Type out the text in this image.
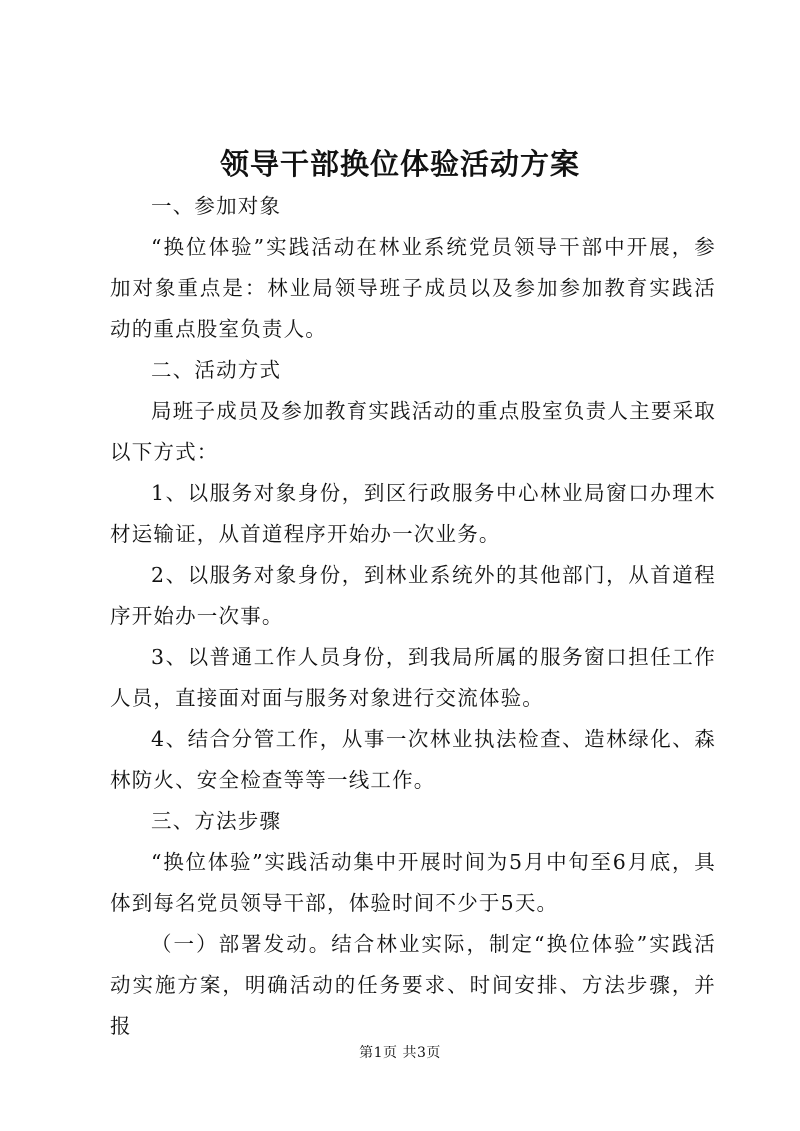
领导干部换位体验活动方案

一、参加对象

“换位体验”实践活动在林业系统党员领导干部中开展，参加对象重点是：林业局领导班子成员以及参加参加教育实践活动的重点股室负责人。

二、活动方式

局班子成员及参加教育实践活动的重点股室负责人主要采取以下方式：

1、以服务对象身份，到区行政服务中心林业局窗口办理木材运输证，从首道程序开始办一次业务。

2、以服务对象身份，到林业系统外的其他部门，从首道程序开始办一次事。

3、以普通工作人员身份，到我局所属的服务窗口担任工作人员，直接面对面与服务对象进行交流体验。

4、结合分管工作，从事一次林业执法检查、造林绿化、森林防火、安全检查等等一线工作。

三、方法步骤

“换位体验”实践活动集中开展时间为5月中旬至6月底，具体到每名党员领导干部，体验时间不少于5天。

（一）部署发动。结合林业实际，制定“换位体验”实践活动实施方案，明确活动的任务要求、时间安排、方法步骤，并报

第1页 共3页
